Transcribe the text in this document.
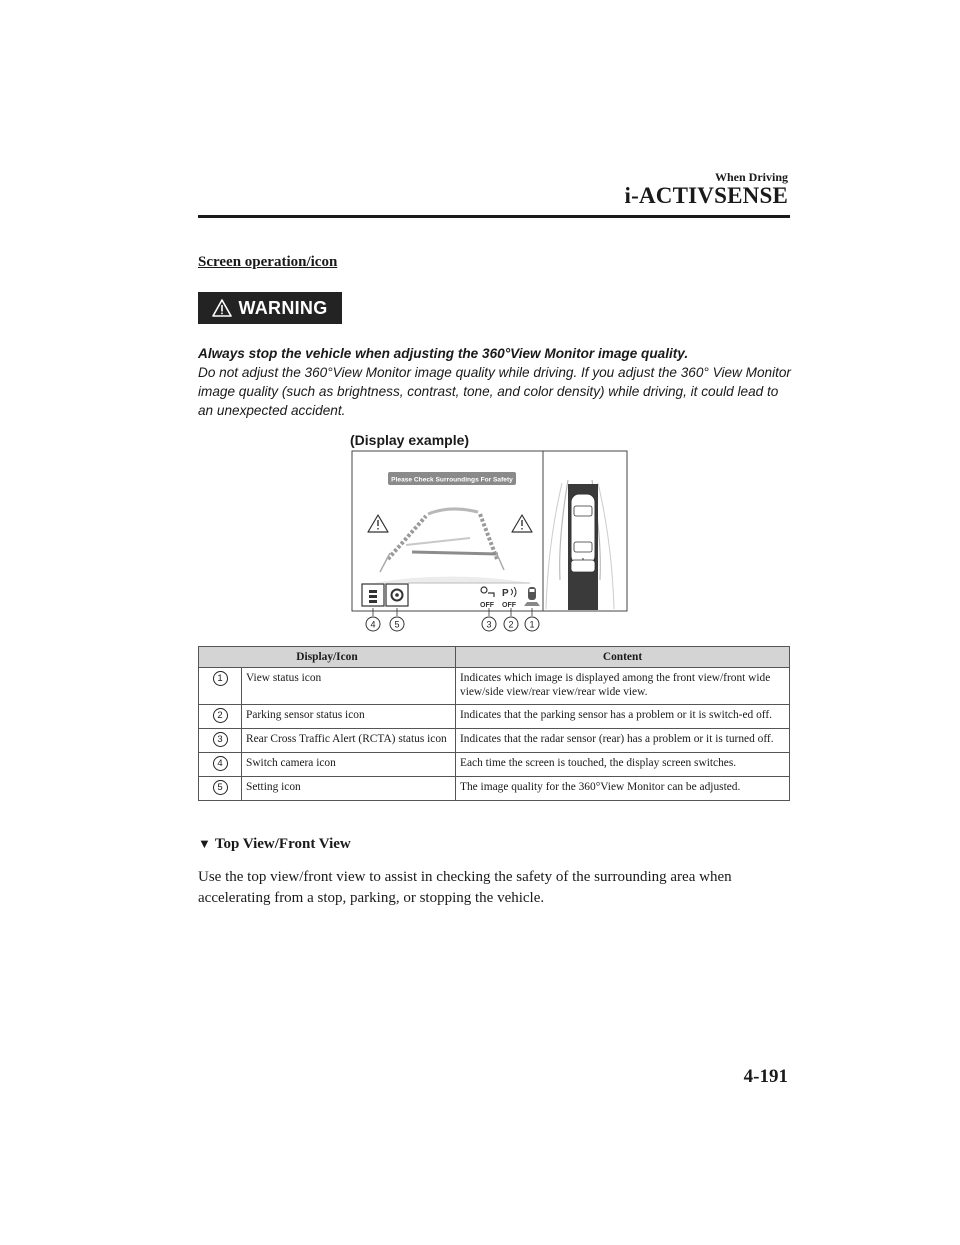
When Driving
i-ACTIVSENSE
Screen operation/icon
WARNING
Always stop the vehicle when adjusting the 360°View Monitor image quality.
Do not adjust the 360°View Monitor image quality while driving. If you adjust the 360° View Monitor image quality (such as brightness, contrast, tone, and color density) while driving, it could lead to an unexpected accident.
(Display example)
Please Check Surroundings For Safety
OFF
P
OFF
4 5	3 2 1
Display/Icon		Content
1	View status icon	Indicates which image is displayed among the front view/front wide view/side view/rear view/rear wide view.
2	Parking sensor status icon	Indicates that the parking sensor has a problem or it is switch-ed off.
3	Rear Cross Traffic Alert (RCTA) status icon	Indicates that the radar sensor (rear) has a problem or it is turned off.
4	Switch camera icon	Each time the screen is touched, the display screen switches.
5	Setting icon	The image quality for the 360°View Monitor can be adjusted.
▼ Top View/Front View
Use the top view/front view to assist in checking the safety of the surrounding area when accelerating from a stop, parking, or stopping the vehicle.
4-191
